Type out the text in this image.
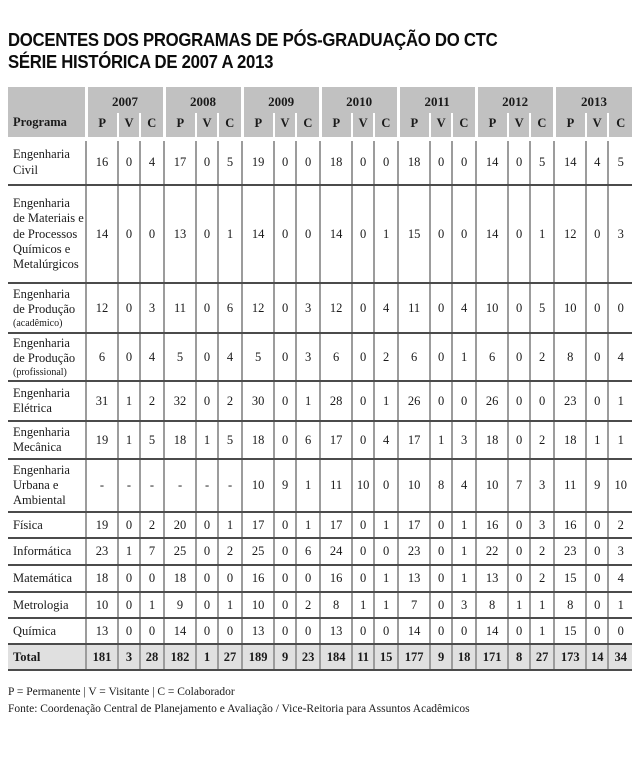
DOCENTES DOS PROGRAMAS DE PÓS-GRADUAÇÃO DO CTC
SÉRIE HISTÓRICA DE 2007 A 2013
Programa	2007			2008			2009			2010			2011			2012			2013		
	P	V	C	P	V	C	P	V	C	P	V	C	P	V	C	P	V	C	P	V	C
Engenharia Civil	16	0	4	17	0	5	19	0	0	18	0	0	18	0	0	14	0	5	14	4	5
Engenharia de Materiais e de Processos Químicos e Metalúrgicos	14	0	0	13	0	1	14	0	0	14	0	1	15	0	0	14	0	1	12	0	3
Engenharia de Produção
(acadêmico)	12	0	3	11	0	6	12	0	3	12	0	4	11	0	4	10	0	5	10	0	0
Engenharia de Produção
(profissional)	6	0	4	5	0	4	5	0	3	6	0	2	6	0	1	6	0	2	8	0	4
Engenharia Elétrica	31	1	2	32	0	2	30	0	1	28	0	1	26	0	0	26	0	0	23	0	1
Engenharia Mecânica	19	1	5	18	1	5	18	0	6	17	0	4	17	1	3	18	0	2	18	1	1
Engenharia Urbana e Ambiental	-	-	-	-	-	-	10	9	1	11	10	0	10	8	4	10	7	3	11	9	10
Física	19	0	2	20	0	1	17	0	1	17	0	1	17	0	1	16	0	3	16	0	2
Informática	23	1	7	25	0	2	25	0	6	24	0	0	23	0	1	22	0	2	23	0	3
Matemática	18	0	0	18	0	0	16	0	0	16	0	1	13	0	1	13	0	2	15	0	4
Metrologia	10	0	1	9	0	1	10	0	2	8	1	1	7	0	3	8	1	1	8	0	1
Química	13	0	0	14	0	0	13	0	0	13	0	0	14	0	0	14	0	1	15	0	0
Total	181	3	28	182	1	27	189	9	23	184	11	15	177	9	18	171	8	27	173	14	34
P = Permanente | V = Visitante | C = Colaborador
Fonte: Coordenação Central de Planejamento e Avaliação / Vice-Reitoria para Assuntos Acadêmicos
